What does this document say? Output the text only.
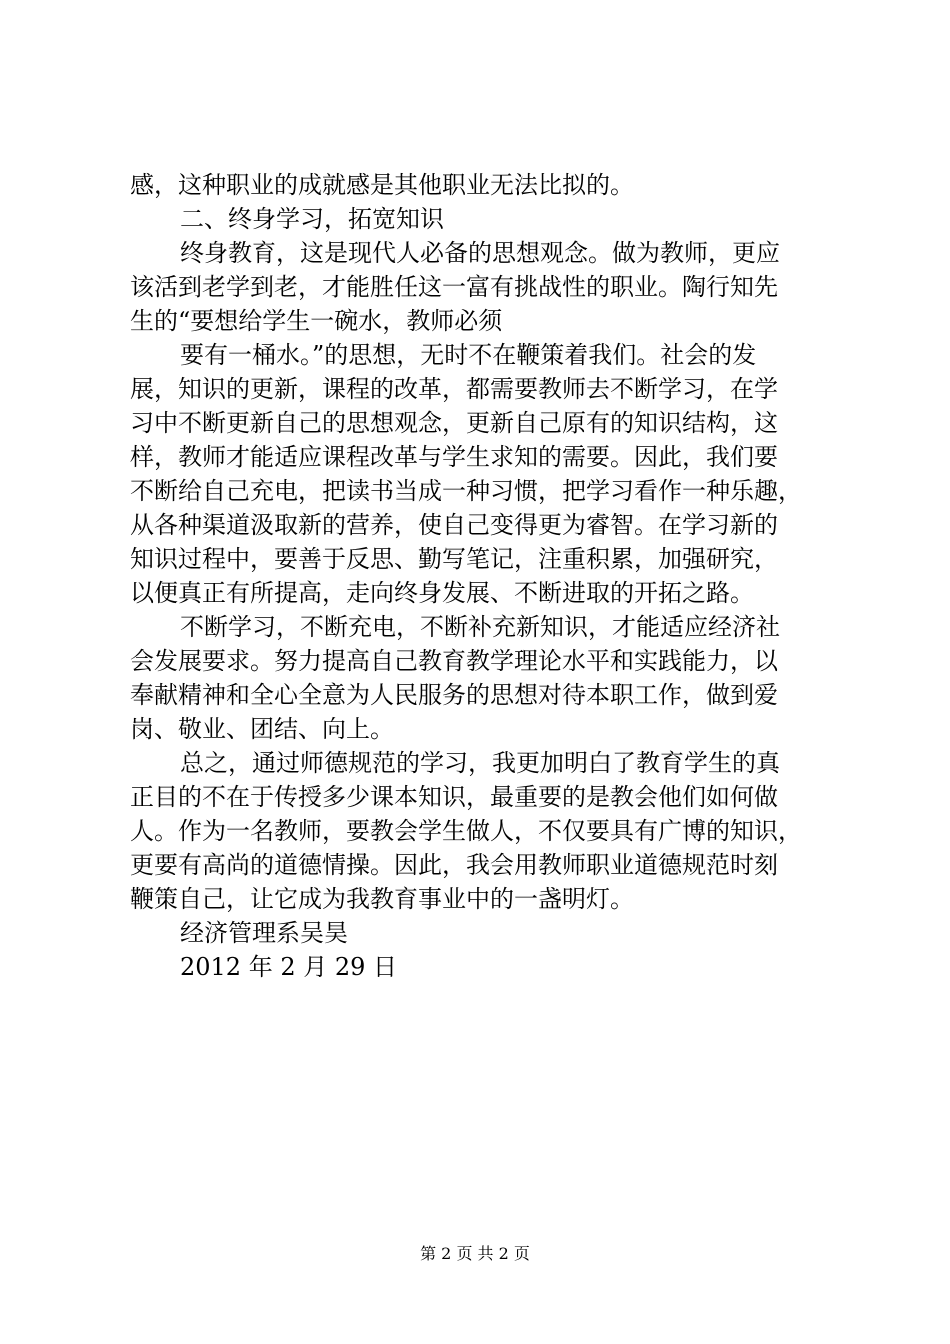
感，这种职业的成就感是其他职业无法比拟的。
二、终身学习，拓宽知识
终身教育，这是现代人必备的思想观念。做为教师，更应
该活到老学到老，才能胜任这一富有挑战性的职业。陶行知先
生的“要想给学生一碗水，教师必须
要有一桶水。”的思想，无时不在鞭策着我们。社会的发
展，知识的更新，课程的改革，都需要教师去不断学习，在学
习中不断更新自己的思想观念，更新自己原有的知识结构，这
样，教师才能适应课程改革与学生求知的需要。因此，我们要
不断给自己充电，把读书当成一种习惯，把学习看作一种乐趣，
从各种渠道汲取新的营养，使自己变得更为睿智。在学习新的
知识过程中，要善于反思、勤写笔记，注重积累，加强研究，
以便真正有所提高，走向终身发展、不断进取的开拓之路。
不断学习，不断充电，不断补充新知识，才能适应经济社
会发展要求。努力提高自己教育教学理论水平和实践能力，以
奉献精神和全心全意为人民服务的思想对待本职工作，做到爱
岗、敬业、团结、向上。
总之，通过师德规范的学习，我更加明白了教育学生的真
正目的不在于传授多少课本知识，最重要的是教会他们如何做
人。作为一名教师，要教会学生做人，不仅要具有广博的知识，
更要有高尚的道德情操。因此，我会用教师职业道德规范时刻
鞭策自己，让它成为我教育事业中的一盏明灯。
经济管理系吴昊
2012 年 2 月 29 日
第 2 页 共 2 页
